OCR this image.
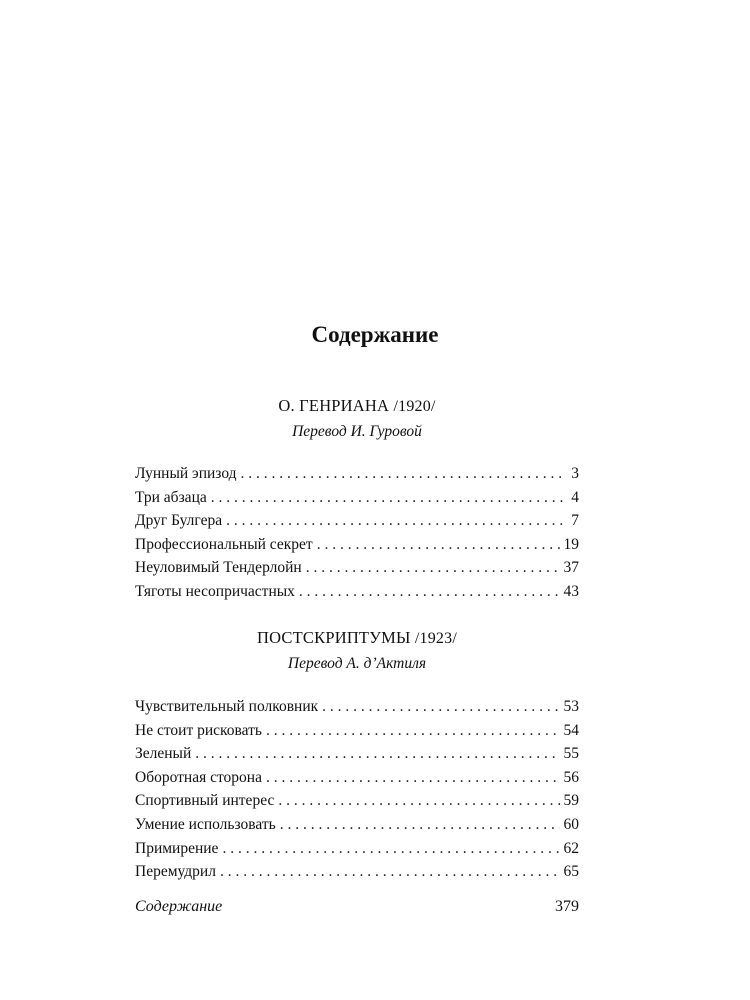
Содержание
О. ГЕНРИАНА /1920/
Перевод И. Гуровой
Лунный эпизод . . .	3
Три абзаца . . .	4
Друг Булгера . . .	7
Профессиональный секрет . . .	19
Неуловимый Тендерлойн . . .	37
Тяготы несопричастных . . .	43
ПОСТСКРИПТУМЫ /1923/
Перевод А. д’Актиля
Чувствительный полковник . . .	53
Не стоит рисковать . . .	54
Зеленый . . .	55
Оборотная сторона . . .	56
Спортивный интерес . . .	59
Умение использовать . . .	60
Примирение . . .	62
Перемудрил . . .	65
Содержание	379
